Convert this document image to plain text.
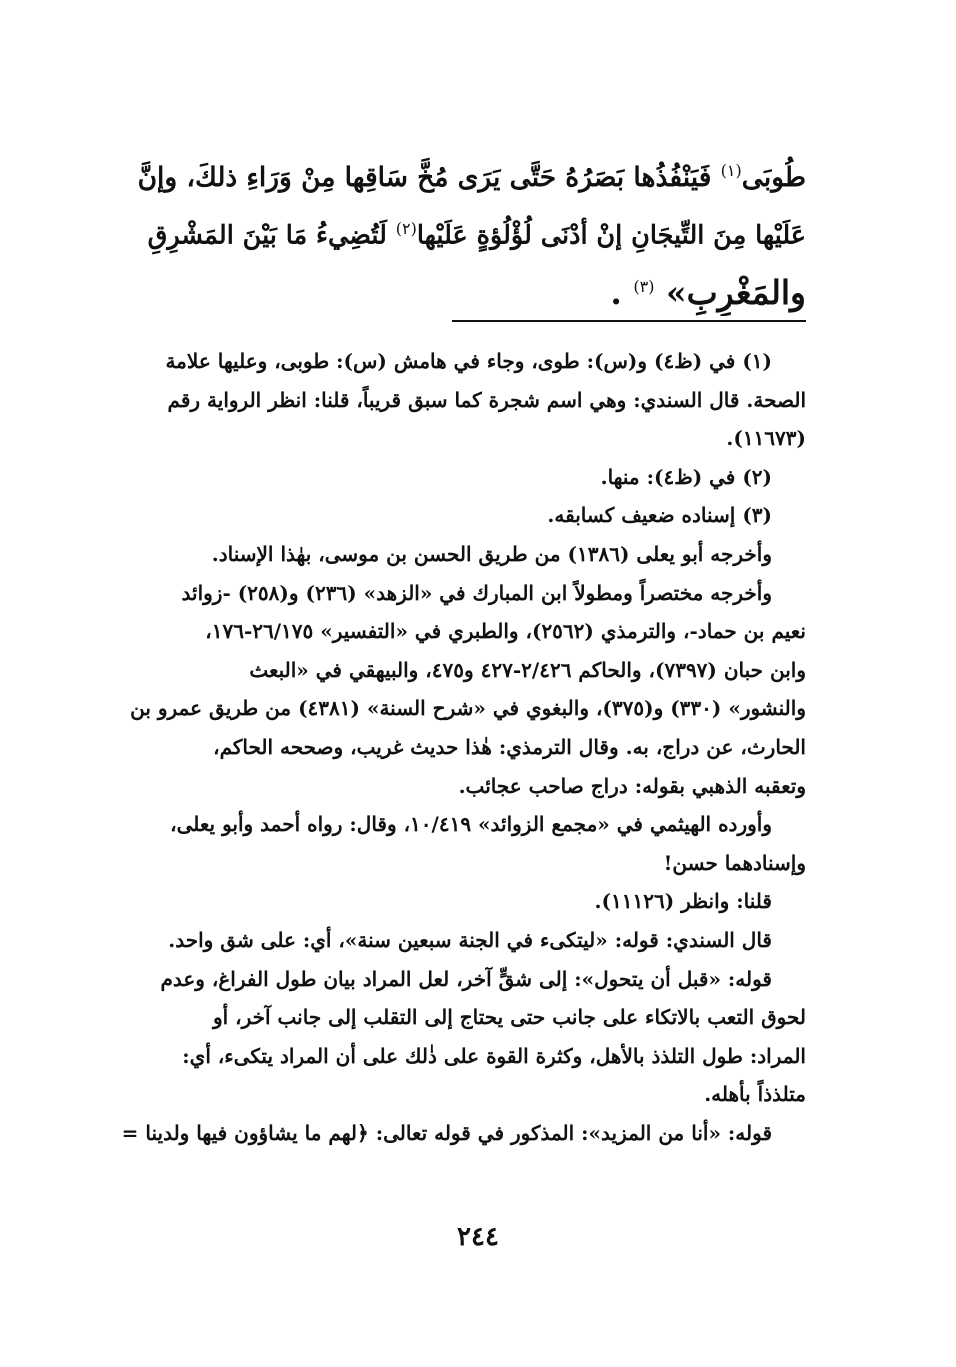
طُوبَى$^{(١)}$ فَيَنْفُذُها بَصَرُهُ حَتَّى يَرَى مُخَّ سَاقِها مِنْ وَرَاءِ ذلكَ، وإنَّ
عَلَيْها مِنَ التِّيجَانِ إنْ أدْنَى لُؤْلُؤةٍ عَلَيْها$^{(٢)}$ لَتُضِيءُ مَا بَيْنَ المَشْرِقِ
والمَغْرِبِ» $^{(٣)}$ .
(١) في (ظ٤) و(س): طوى، وجاء في هامش (س): طوبى، وعليها علامة
الصحة. قال السندي: وهي اسم شجرة كما سبق قريباً، قلنا: انظر الرواية رقم
(١١٦٧٣).
(٢) في (ظ٤): منها.
(٣) إسناده ضعيف كسابقه.
وأخرجه أبو يعلى (١٣٨٦) من طريق الحسن بن موسى، بهٰذا الإسناد.
وأخرجه مختصراً ومطولاً ابن المبارك في «الزهد» (٢٣٦) و(٢٥٨) -زوائد
نعيم بن حماد-، والترمذي (٢٥٦٢)، والطبري في «التفسير» ٢٦/١٧٥-١٧٦،
وابن حبان (٧٣٩٧)، والحاكم ٢/٤٢٦-٤٢٧ و٤٧٥، والبيهقي في «البعث
والنشور» (٣٣٠) و(٣٧٥)، والبغوي في «شرح السنة» (٤٣٨١) من طريق عمرو بن
الحارث، عن دراج، به. وقال الترمذي: هٰذا حديث غريب، وصححه الحاكم،
وتعقبه الذهبي بقوله: دراج صاحب عجائب.
وأورده الهيثمي في «مجمع الزوائد» ١٠/٤١٩، وقال: رواه أحمد وأبو يعلى،
وإسنادهما حسن!
قلنا: وانظر (١١١٢٦).
قال السندي: قوله: «ليتكىء في الجنة سبعين سنة»، أي: على شق واحد.
قوله: «قبل أن يتحول»: إلى شقٍّ آخر، لعل المراد بيان طول الفراغ، وعدم
لحوق التعب بالاتكاء على جانب حتى يحتاج إلى التقلب إلى جانب آخر، أو
المراد: طول التلذذ بالأهل، وكثرة القوة على ذٰلك على أن المراد يتكىء، أي:
متلذذاً بأهله.
قوله: «أنا من المزيد»: المذكور في قوله تعالى: ﴿لهم ما يشاؤون فيها ولدينا =
٢٤٤
